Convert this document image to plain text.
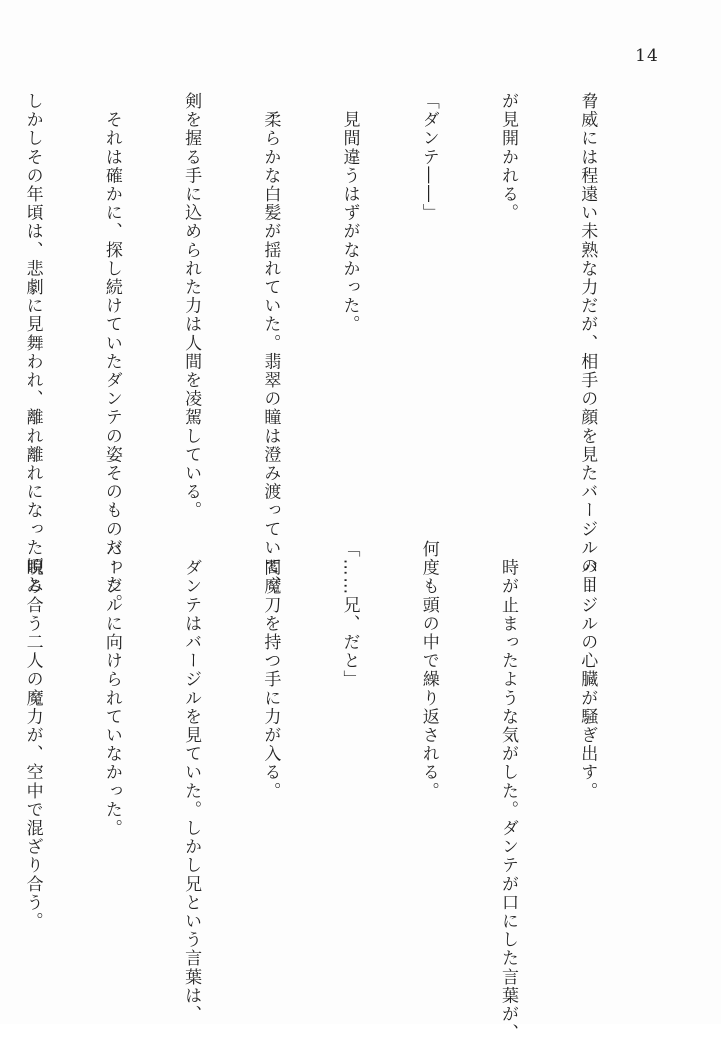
14

脅威には程遠い未熟な力だが、相手の顔を見たバージルの目

が見開かれる。

「ダンテ――」

　見間違うはずがなかった。

　柔らかな白髪が揺れていた。翡翠の瞳は澄み渡っていて、

剣を握る手に込められた力は人間を凌駕している。

　それは確かに、探し続けていたダンテの姿そのものだった。

しかしその年頃は、悲劇に見舞われ、離れ離れになった頃と

　バージルの心臓が騒ぎ出す。

　時が止まったような気がした。ダンテが口にした言葉が、

何度も頭の中で繰り返される。

「……兄、だと」

　閻魔刀を持つ手に力が入る。

　ダンテはバージルを見ていた。しかし兄という言葉は、

バージルに向けられていなかった。

　睨み合う二人の魔力が、空中で混ざり合う。
